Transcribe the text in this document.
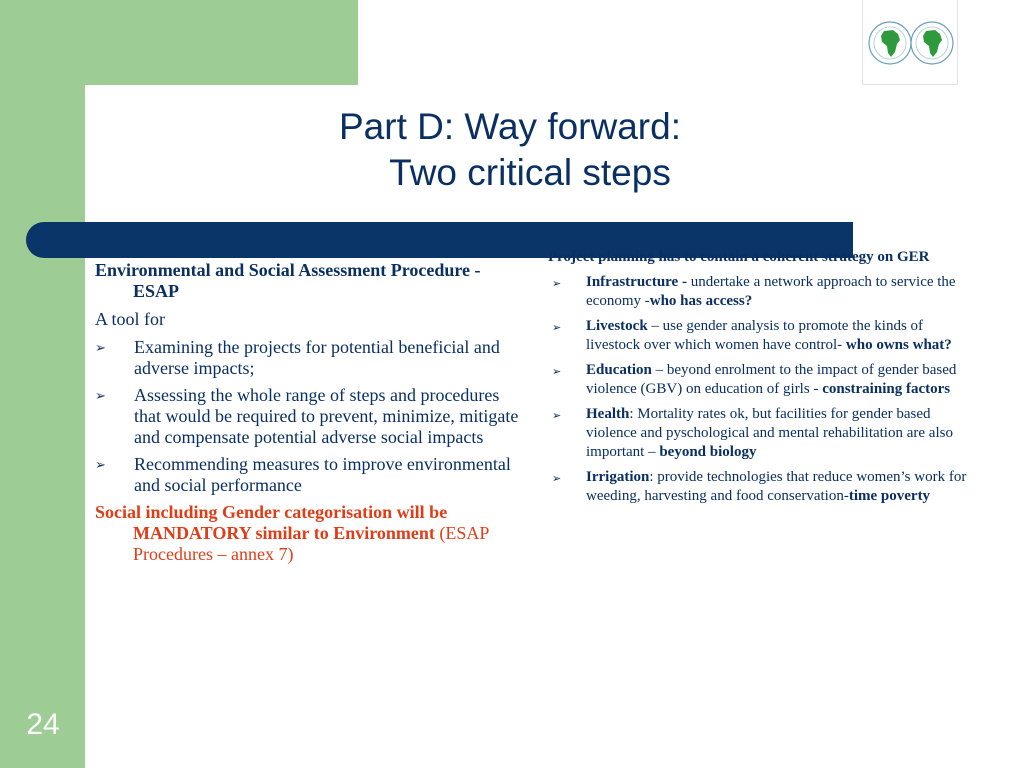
24
Part D: Way forward:
Two critical steps

Environmental and Social Assessment Procedure - ESAP

A tool for

➢ Examining the projects for potential beneficial and adverse impacts;
➢ Assessing the whole range of steps and procedures that would be required to prevent, minimize, mitigate and compensate potential adverse social impacts
➢ Recommending measures to improve environmental and social performance

Social including Gender categorisation will be MANDATORY similar to Environment (ESAP Procedures – annex 7)

Project planning has to contain a coherent strategy on GER

➢ Infrastructure - undertake a network approach to service the economy -who has access?
➢ Livestock – use gender analysis to promote the kinds of livestock over which women have control- who owns what?
➢ Education – beyond enrolment to the impact of gender based violence (GBV) on education of girls - constraining factors
➢ Health: Mortality rates ok, but facilities for gender based violence and pyschological and mental rehabilitation are also important – beyond biology
➢ Irrigation: provide technologies that reduce women’s work for weeding, harvesting and food conservation-time poverty
